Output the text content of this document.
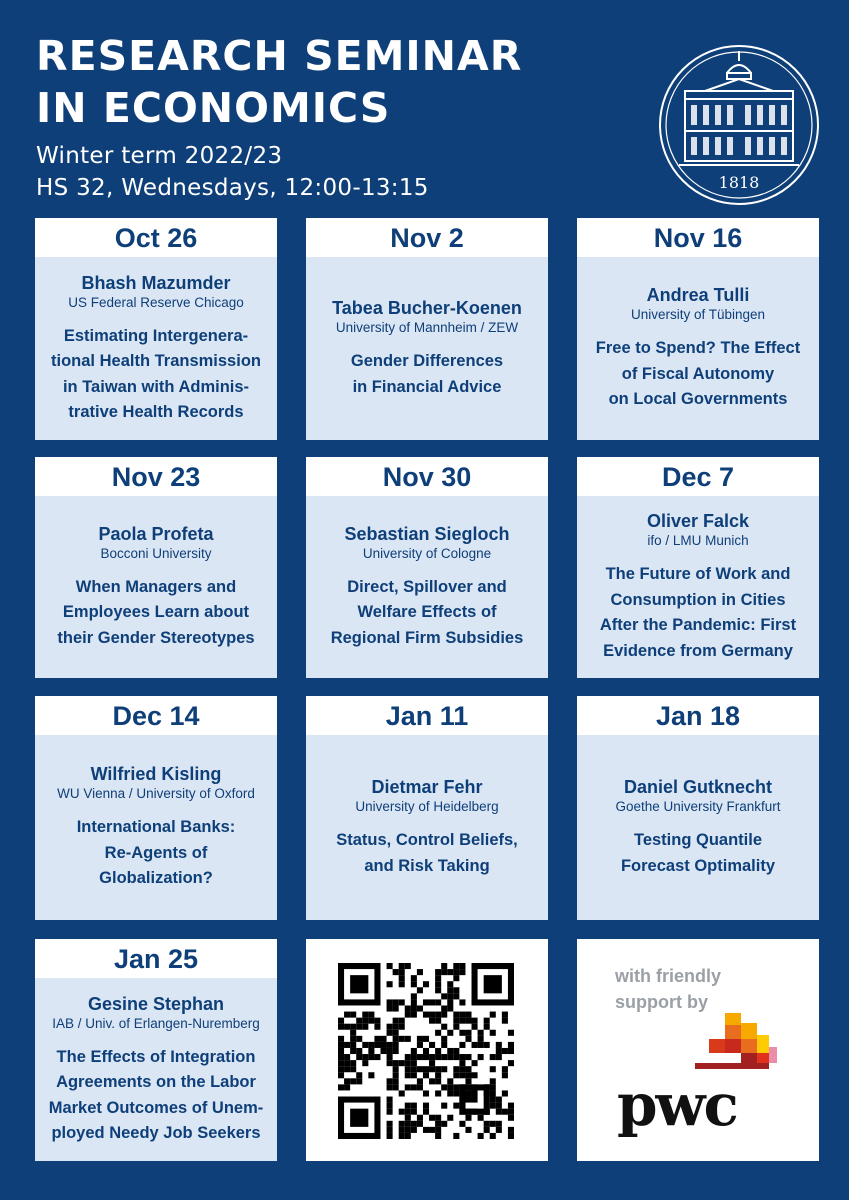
RESEARCH SEMINAR
IN ECONOMICS
Winter term 2022/23
HS 32, Wednesdays, 12:00-13:15	1818
Oct 26
Bhash Mazumder
US Federal Reserve Chicago
Estimating Intergenera-
tional Health Transmission
in Taiwan with Adminis-
trative Health Records
Nov 2
Tabea Bucher-Koenen
University of Mannheim / ZEW
Gender Differences
in Financial Advice
Nov 16
Andrea Tulli
University of Tübingen
Free to Spend? The Effect
of Fiscal Autonomy
on Local Governments
Nov 23
Paola Profeta
Bocconi University
When Managers and
Employees Learn about
their Gender Stereotypes
Nov 30
Sebastian Siegloch
University of Cologne
Direct, Spillover and
Welfare Effects of
Regional Firm Subsidies
Dec 7
Oliver Falck
ifo / LMU Munich
The Future of Work and
Consumption in Cities
After the Pandemic: First
Evidence from Germany
Dec 14
Wilfried Kisling
WU Vienna / University of Oxford
International Banks:
Re-Agents of
Globalization?
Jan 11
Dietmar Fehr
University of Heidelberg
Status, Control Beliefs,
and Risk Taking
Jan 18
Daniel Gutknecht
Goethe University Frankfurt
Testing Quantile
Forecast Optimality
Jan 25
Gesine Stephan
IAB / Univ. of Erlangen-Nuremberg
The Effects of Integration
Agreements on the Labor
Market Outcomes of Unem-
ployed Needy Job Seekers
with friendly
support by
pwc
